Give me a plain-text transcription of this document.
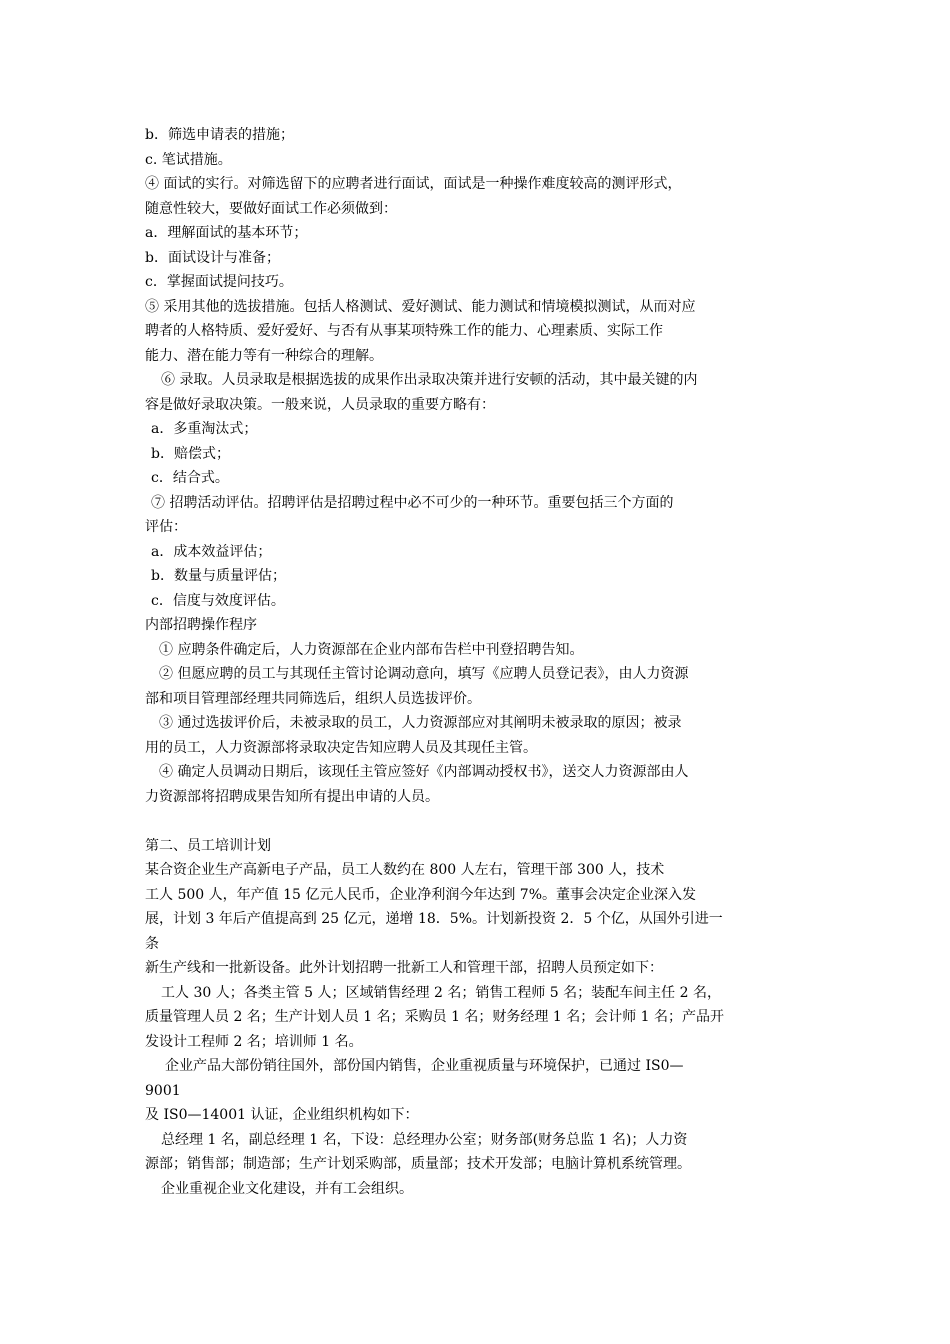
b．筛选申请表的措施；
c. 笔试措施。
④ 面试的实行。对筛选留下的应聘者进行面试，面试是一种操作难度较高的测评形式，
随意性较大，要做好面试工作必须做到：
a．理解面试的基本环节；
b．面试设计与准备；
c．掌握面试提问技巧。
⑤ 采用其他的选拔措施。包括人格测试、爱好测试、能力测试和情境模拟测试，从而对应
聘者的人格特质、爱好爱好、与否有从事某项特殊工作的能力、心理素质、实际工作
能力、潜在能力等有一种综合的理解。
⑥ 录取。人员录取是根据选拔的成果作出录取决策并进行安顿的活动，其中最关键的内
容是做好录取决策。一般来说，人员录取的重要方略有：
a．多重淘汰式；
b．赔偿式；
c．结合式。
⑦ 招聘活动评估。招聘评估是招聘过程中必不可少的一种环节。重要包括三个方面的
评估：
a．成本效益评估；
b．数量与质量评估；
c．信度与效度评估。
内部招聘操作程序
① 应聘条件确定后，人力资源部在企业内部布告栏中刊登招聘告知。
② 但愿应聘的员工与其现任主管讨论调动意向，填写《应聘人员登记表》，由人力资源
部和项目管理部经理共同筛选后，组织人员选拔评价。
③ 通过选拔评价后，未被录取的员工，人力资源部应对其阐明未被录取的原因；被录
用的员工，人力资源部将录取决定告知应聘人员及其现任主管。
④ 确定人员调动日期后，该现任主管应签好《内部调动授权书》，送交人力资源部由人
力资源部将招聘成果告知所有提出申请的人员。
第二、员工培训计划
某合资企业生产高新电子产品，员工人数约在 800 人左右，管理干部 300 人，技术
工人 500 人，年产值 15 亿元人民币，企业净利润今年达到 7%。董事会决定企业深入发
展，计划 3 年后产值提高到 25 亿元，递增 18．5%。计划新投资 2．5 个亿，从国外引进一
条
新生产线和一批新设备。此外计划招聘一批新工人和管理干部，招聘人员预定如下：
工人 30 人；各类主管 5 人；区域销售经理 2 名；销售工程师 5 名；装配车间主任 2 名，
质量管理人员 2 名；生产计划人员 1 名；采购员 1 名；财务经理 1 名；会计师 1 名；产品开
发设计工程师 2 名；培训师 1 名。
企业产品大部份销往国外，部份国内销售，企业重视质量与环境保护，已通过 IS0—
9001
及 IS0—14001 认证，企业组织机构如下：
总经理 1 名，副总经理 1 名，下设：总经理办公室；财务部(财务总监 1 名)；人力资
源部；销售部；制造部；生产计划采购部，质量部；技术开发部；电脑计算机系统管理。
企业重视企业文化建设，并有工会组织。
